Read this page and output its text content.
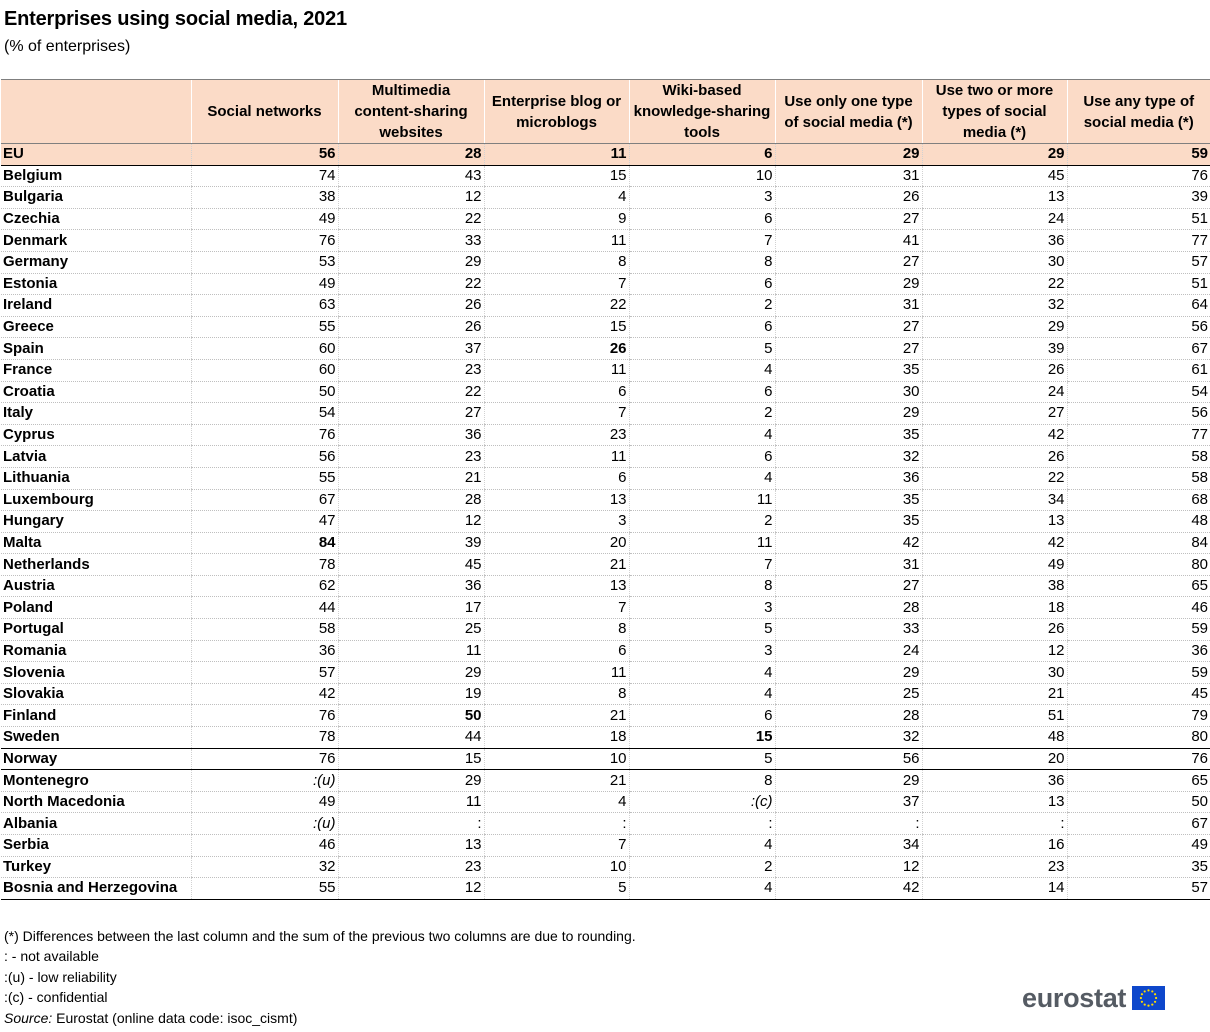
Enterprises using social media, 2021
(% of enterprises)
	Social networks	Multimedia content-sharing websites	Enterprise blog or microblogs	Wiki-based knowledge-sharing tools	Use only one type of social media (*)	Use two or more types of social media (*)	Use any type of social media (*)
EU	56	28	11	6	29	29	59
Belgium	74	43	15	10	31	45	76
Bulgaria	38	12	4	3	26	13	39
Czechia	49	22	9	6	27	24	51
Denmark	76	33	11	7	41	36	77
Germany	53	29	8	8	27	30	57
Estonia	49	22	7	6	29	22	51
Ireland	63	26	22	2	31	32	64
Greece	55	26	15	6	27	29	56
Spain	60	37	26	5	27	39	67
France	60	23	11	4	35	26	61
Croatia	50	22	6	6	30	24	54
Italy	54	27	7	2	29	27	56
Cyprus	76	36	23	4	35	42	77
Latvia	56	23	11	6	32	26	58
Lithuania	55	21	6	4	36	22	58
Luxembourg	67	28	13	11	35	34	68
Hungary	47	12	3	2	35	13	48
Malta	84	39	20	11	42	42	84
Netherlands	78	45	21	7	31	49	80
Austria	62	36	13	8	27	38	65
Poland	44	17	7	3	28	18	46
Portugal	58	25	8	5	33	26	59
Romania	36	11	6	3	24	12	36
Slovenia	57	29	11	4	29	30	59
Slovakia	42	19	8	4	25	21	45
Finland	76	50	21	6	28	51	79
Sweden	78	44	18	15	32	48	80
Norway	76	15	10	5	56	20	76
Montenegro	:(u)	29	21	8	29	36	65
North Macedonia	49	11	4	:(c)	37	13	50
Albania	:(u)	:	:	:	:	:	67
Serbia	46	13	7	4	34	16	49
Turkey	32	23	10	2	12	23	35
Bosnia and Herzegovina	55	12	5	4	42	14	57
(*) Differences between the last column and the sum of the previous two columns are due to rounding.
: - not available
:(u) - low reliability
:(c) - confidential
Source: Eurostat (online data code: isoc_cismt)
eurostat
